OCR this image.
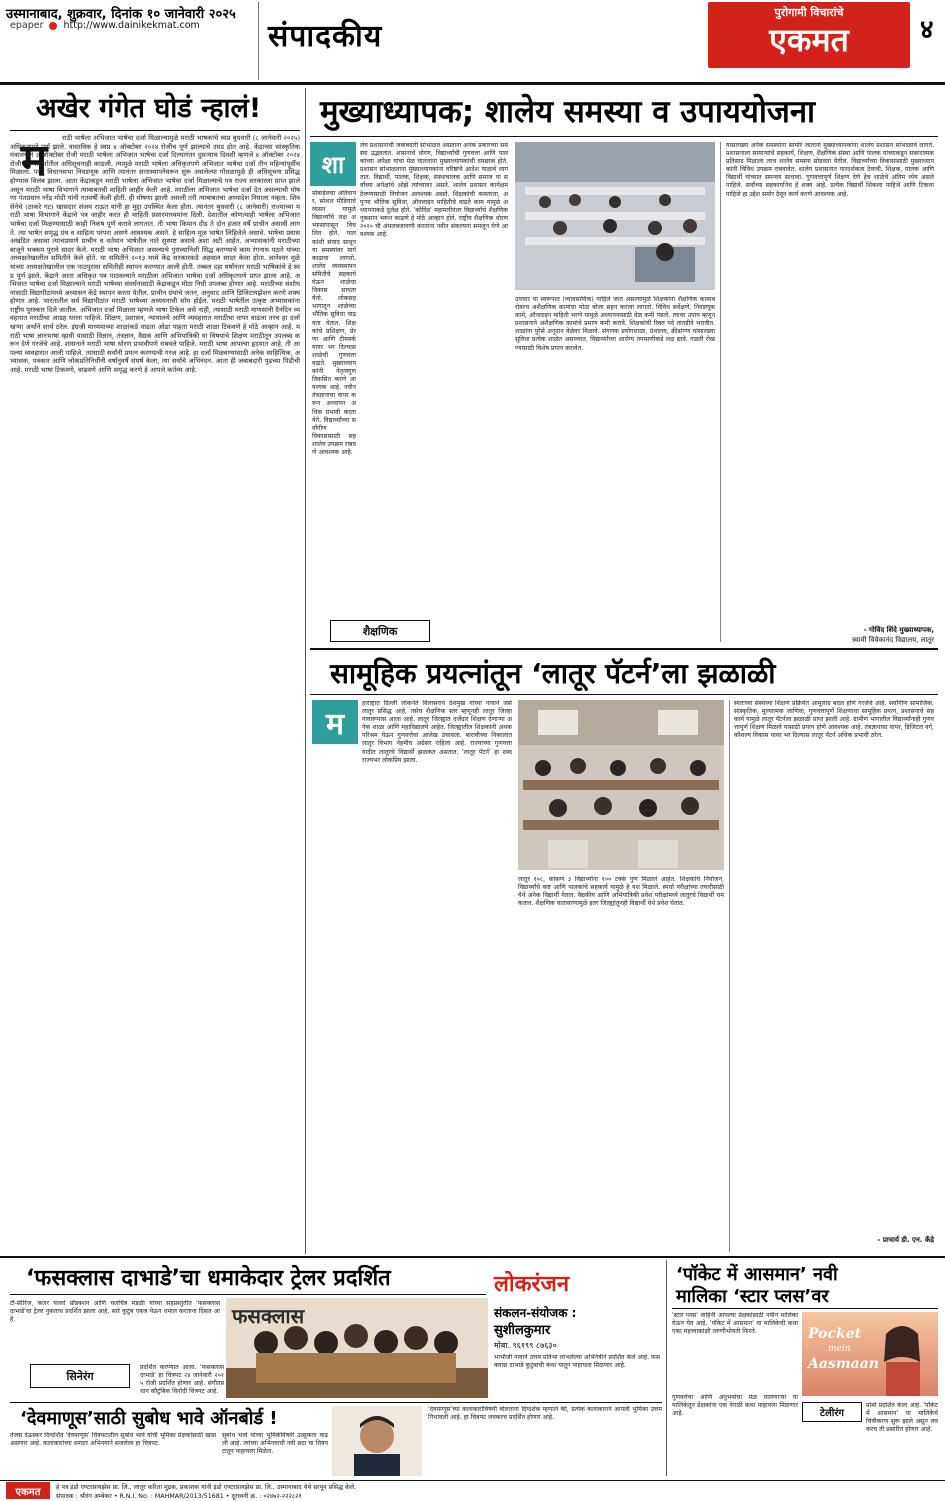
उस्मानाबाद, शुक्रवार, दिनांक १० जानेवारी २०२५
epaper http://www.dainikekmat.com संपादकीय
पुरोगामी विचारांचे
एकमत	४
अखेर गंगेत घोडं न्हालं!
म	राठी भाषेला अभिजात भाषेचा दर्जा मिळाल्यामुळे मराठी भाषकांचे स्वप्न बुधवारी (८ जानेवारी २०२५) अधिकृतपणे पूर्ण झाले. वास्तविक हे स्वप्न ४ ऑक्टोबर २०२४ रोजीच पूर्ण झाल्याचे उघड होत आहे. केंद्राच्या सांस्कृतिक मंत्रालयाने ३ ऑक्टोबर रोजी मराठी भाषेला अभिजात भाषेचा दर्जा दिल्यानंतर दुसऱ्याच दिवशी म्हणजे ४ ऑक्टोबर २०२४ रोजी त्या संदर्भातील अधिसूचनाही काढली. त्यामुळे मराठी भाषेला अधिकृतपणे अभिजात भाषेचा दर्जा तीन महिन्यांपूर्वीच मिळाला. परंतु विधानसभा निवडणूक आणि त्यानंतर सत्तास्थापनेवरून सुरू असलेल्या गोंधळामुळे ही अधिसूचना प्रसिद्ध होण्यास विलंब झाला. आता केंद्राकडून मराठी भाषेला अभिजात भाषेचा दर्जा मिळाल्याचे पत्र राज्य सरकारला प्राप्त झाले असून मराठी भाषा विभागाने त्याबाबतची माहिती जाहीर केली आहे. मराठीला अभिजात भाषेचा दर्जा देत असल्याची घोषणा पंतप्रधान नरेंद्र मोदी यांनी गतवर्षी केली होती. ही घोषणा झाली असली तरी त्याबाबतचा अध्यादेश निघाला नव्हता. शिवसेनेचे (ठाकरे गट) खासदार संजय राऊत यांनी हा मुद्दा उपस्थित केला होता. त्यानंतर बुधवारी (८ जानेवारी) राज्याच्या मराठी भाषा विभागाने केंद्राचे पत्र जाहीर करत ही माहिती प्रसारमाध्यमांना दिली. देशातील कोणत्याही भाषेला अभिजात भाषेचा दर्जा मिळण्यासाठी काही निकष पूर्ण करावे लागतात. ती भाषा किमान दीड ते दोन हजार वर्षे प्राचीन असावी लागते. त्या भाषेत समृद्ध ग्रंथ व साहित्य परंपरा असणे आवश्यक असते. हे साहित्य मूळ भाषेत लिहिलेले असावे. भाषेचा प्रवास अखंडित असावा त्याचप्रमाणे प्राचीन व वर्तमान भाषेतील नाते सुस्पष्ट असावे अशा अटी आहेत. अभ्यासकांनी मराठीच्या बाजूने भक्कम पुरावे सादर केले. मराठी भाषा अभिजात असल्याचे पुराव्यानिशी सिद्ध करण्याचे काम रंगनाथ पठारे यांच्या अध्यक्षतेखालील समितीने केले होते. या समितीने २०१३ मध्ये केंद्र सरकारकडे अहवाल सादर केला होता. ज्ञानेश्वर मुळे यांच्या अध्यक्षतेखालील एक पाठपुरावा समितीही स्थापन करण्यात आली होती. तब्बल दहा वर्षांनंतर मराठी भाषिकांचे हे स्वप्न पूर्ण झाले. केंद्राने आता अधिकृत पत्र पाठवल्याने मराठीला अभिजात भाषेचा दर्जा अधिकृतपणे प्राप्त झाला आहे. अभिजात भाषेचा दर्जा मिळाल्याने मराठी भाषेच्या संवर्धनासाठी केंद्राकडून मोठा निधी उपलब्ध होणार आहे. मराठीच्या संशोधनासाठी विद्यापीठांमध्ये अध्यासन केंद्रे स्थापन करता येतील. प्राचीन ग्रंथांचे जतन, अनुवाद आणि डिजिटायझेशन करणे शक्य होणार आहे. भारतातील सर्व विद्यापीठांत मराठी भाषेच्या अध्ययनाची सोय होईल. मराठी भाषेतील उत्कृष्ट अभ्यासकांना राष्ट्रीय पुरस्कार दिले जातील. अभिजात दर्जा मिळाला म्हणजे भाषा टिकेल असे नाही, त्यासाठी मराठी माणसांनी दैनंदिन व्यवहारात मराठीचा आग्रह धरला पाहिजे. शिक्षण, प्रशासन, न्यायालये आणि व्यवहारात मराठीचा वापर वाढला तरच हा दर्जा खऱ्या अर्थाने सार्थ ठरेल. इंग्रजी माध्यमाच्या शाळांकडे वाढता ओढा पाहता मराठी शाळा टिकवणे हे मोठे आव्हान आहे. मराठी भाषा ज्ञानभाषा व्हावी यासाठी विज्ञान, तंत्रज्ञान, वैद्यक आणि अभियांत्रिकी या विषयांचे शिक्षण मराठीतून उपलब्ध करून देणे गरजेचे आहे. शासनाने मराठी भाषा धोरण प्रभावीपणे राबवले पाहिजे. मराठी भाषा आपल्या हृदयात आहे, ती आपल्या व्यवहारात आली पाहिजे. त्यासाठी सर्वांनी प्रयत्न करण्याची गरज आहे. हा दर्जा मिळवण्यासाठी अनेक साहित्यिक, अभ्यासक, पत्रकार आणि लोकप्रतिनिधींनी वर्षानुवर्षे संघर्ष केला, त्या सर्वांचे अभिनंदन. आता ही जबाबदारी पुढच्या पिढीची आहे. मराठी भाषा टिकवणे, वाढवणे आणि समृद्ध करणे हे आपले कर्तव्य आहे.
मुख्याध्यापक; शालेय समस्या व उपाययोजना
शा
लेय प्रशासनाची जबाबदारी सांभाळत असताना अनेक प्रकारच्या समस्या उद्भवतात. शासनाचे धोरण, विद्यार्थ्यांची गुणवत्ता आणि पालकांच्या अपेक्षा यांचा मेळ घालताना मुख्याध्यापकांची दमछाक होते. प्रशासन सांभाळताना मुख्याध्यापकांना वरिष्ठांचे आदेश पाळावे लागतात. विद्यार्थी, पालक, शिक्षक, संस्थाचालक आणि समाज या सर्वांच्या अपेक्षांचे ओझे त्यांच्यावर असते. शालेय प्रशासन कार्यक्षम ठेवण्यासाठी नियोजन आवश्यक असते. शिक्षकांची कमतरता, अपुऱ्या भौतिक सुविधा, ऑनलाइन माहितीचे वाढते काम यामुळे अध्यापनाकडे दुर्लक्ष होते. 'कोविड' महामारीनंतर विद्यार्थ्यांचे शैक्षणिक नुकसान भरून काढणे हे मोठे आव्हान होते. राष्ट्रीय शैक्षणिक धोरण २०२० ची अंमलबजावणी करताना नवीन संकल्पना समजून घेणे आवश्यक आहे.
मोबाईलचा अतिवापर, सोशल मीडियाचे व्यसन यामुळे विद्यार्थ्यांचे लक्ष अभ्यासापासून विचलित होते. पालकांशी संवाद साधून या समस्यांवर मार्ग काढावा लागतो. शालेय व्यवस्थापन समितीचे सहकार्य घेऊन शाळेचा विकास साधता येतो. लोकसहभागातून शाळेच्या भौतिक सुविधा वाढवता येतात. शिक्षकांचे प्रशिक्षण, प्रेरणा आणि टीमवर्क यावर भर दिल्यास शाळेची गुणवत्ता वाढते. मुख्याध्यापकांनी नेतृत्वगुण विकसित करणे आवश्यक आहे. नवीन तंत्रज्ञानाचा वापर करून अध्यापन अधिक प्रभावी करता येते. विद्यार्थ्यांच्या सर्वांगीण विकासासाठी सहशालेय उपक्रम राबवणे आवश्यक आहे.
उपचार या स्वरूपात (व्यावसायिक) पाहिले जात असल्यामुळे शिक्षकांना शैक्षणिक कामाबरोबरच अशैक्षणिक कामांचा मोठा बोजा सहन करावा लागतो. विविध सर्वेक्षणे, निवडणूक कामे, ऑनलाइन माहिती भरणे यामुळे अध्यापनासाठी वेळ कमी पडतो. त्यावर उपाय म्हणून प्रशासनाने अशैक्षणिक कामांचे प्रमाण कमी करावे. शिक्षकांची रिक्त पदे तातडीने भरावीत. शाळांना पुरेसे अनुदान वेळेवर मिळावे. संगणक प्रयोगशाळा, ग्रंथालय, क्रीडांगण यांसारख्या सुविधा प्रत्येक शाळेत असाव्यात. विद्यार्थ्यांच्या आरोग्य तपासणीकडे लक्ष द्यावे. गळती रोखण्यासाठी विशेष प्रयत्न करावेत.
यासारख्या अनेक समस्यांना सामोरे जाताना मुख्याध्यापकांना शालेय प्रशासन सांभाळावे लागते. प्रशासनाला सामान्यांचे सहकार्य, शिक्षण, शैक्षणिक संस्था आणि पालक यांच्याकडून सकारात्मक प्रतिसाद मिळाला तरच शालेय समस्या सोडवता येतील. विद्यार्थ्यांच्या विकासासाठी मुख्याध्यापकांनी विविध उपक्रम राबवावेत. शालेय प्रशासनात पारदर्शकता ठेवावी. शिक्षक, पालक आणि विद्यार्थी यांच्यात समन्वय साधावा. गुणवत्तापूर्ण शिक्षण देणे हेच शाळेचे अंतिम ध्येय असले पाहिजे. सर्वांच्या सहकार्यानेच हे शक्य आहे. प्रत्येक विद्यार्थी शिकला पाहिजे आणि टिकला पाहिजे हा उद्देश समोर ठेवून कार्य करणे आवश्यक आहे.
- गोविंद शिंदे मुख्याध्यापक,
स्वामी विवेकानंद विद्यालय, लातूर
शैक्षणिक
सामूहिक प्रयत्नांतून ‘लातूर पॅटर्न’ला झळाळी
म
हाराष्ट्रात दिल्ली लोकनेते विलासराव देशमुख यांच्या नावाने जसे लातूर प्रसिद्ध आहे, तसेच शैक्षणिक स्तर म्हणूनही लातूर जिल्हा नावारूपास आला आहे. लातूर जिल्ह्यात दर्जेदार शिक्षण देणाऱ्या अनेक शाळा आणि महाविद्यालये आहेत. जिल्ह्यातील शिक्षकांनी अथक परिश्रम घेऊन गुणवत्तेचा आलेख उंचावला. बारावीच्या निकालात लातूर विभाग नेहमीच अग्रेसर राहिला आहे. राज्याच्या गुणवत्ता यादीत लातूरचे विद्यार्थी झळकत असतात. 'लातूर पॅटर्न' हा शब्द राज्यभर लोकप्रिय झाला.
लातूर १०८, कोकण ३ विद्यार्थ्यांना १०० टक्के गुण मिळाले आहेत. शिक्षकांचे नियोजन, विद्यार्थ्यांचे कष्ट आणि पालकांचे सहकार्य यामुळे हे यश मिळाले. स्पर्धा परीक्षांच्या तयारीसाठी येथे अनेक विद्यार्थी येतात. वैद्यकीय आणि अभियांत्रिकी प्रवेश परीक्षांमध्ये लातूरचे विद्यार्थी चमकतात. शैक्षणिक वातावरणामुळे इतर जिल्ह्यांतूनही विद्यार्थी येथे प्रवेश घेतात.
स्वतःच्या संस्थेच्या शिक्षण प्रक्रियेत आमूलाग्र बदल होणे गरजेचे आहे. सर्वांगीण सामाजिक, सांस्कृतिक, मूल्यात्मक जाणिवा, गुणवत्तापूर्ण शिक्षणाचा सामूहिक प्रयत्न, प्रशासनाचे सहकार्य यामुळे लातूर पॅटर्नला झळाळी प्राप्त झाली आहे. ग्रामीण भागातील विद्यार्थ्यांनाही गुणवत्तापूर्ण शिक्षण मिळावे यासाठी प्रयत्न होणे आवश्यक आहे. तंत्रज्ञानाचा वापर, डिजिटल वर्ग, कौशल्य विकास यावर भर दिल्यास लातूर पॅटर्न अधिक प्रभावी ठरेल.
- प्राचार्य डी. एन. केंद्रे
‘फसक्लास दाभाडे’चा धमाकेदार ट्रेलर प्रदर्शित
टी-सीरिज, कलर यल्लो प्रॉडक्शन आणि चलचित्र मंडळी यांच्या सहप्रस्तुतीत 'फसक्लास दाभाडे'चा ट्रेलर नुकताच प्रदर्शित झाला आहे. सारे कुटुंब एकत्र येऊन धमाल करताना दिसत आहे.	फसक्लास
सिनेरंग
प्रदर्शित करण्यात आला. 'फसक्लास दाभाडे' हा चित्रपट २४ जानेवारी २०२५ रोजी प्रदर्शित होणार आहे. संगीतप्रधान कौटुंबिक विनोदी चित्रपट आहे.
लोकरंजन
संकलन-संयोजक :
सुशीलकुमार
मोबा. ९६१९९ ८७६३०
भाभीजी नावाने उत्तम प्रतिभा लाभलेल्या अभिनेत्रीने प्रदर्शित केले आहे. फसक्लास दाभाडे कुटुंबाची कथा यातून पाहायला मिळणार आहे.
‘देवमाणूस’साठी सुबोध भावे ऑनबोर्ड !
तेजस देऊस्कर दिग्दर्शित 'देवमाणूस' चित्रपटातील सुबोध भावे यांची भूमिका प्रेक्षकांसाठी खास असणार आहे. कलाकारांच्या दमदार अभिनयाने सजलेला हा चित्रपट.
सुबोध भावे यांच्या भूमिकेविषयी उत्सुकता वाढली आहे. त्यांच्या अभिनयाची नवी छटा या चित्रपटातून पाहायला मिळेल.
'देवमाणूस'च्या कलाकारांविषयी बोलताना दिग्दर्शक म्हणाले की, प्रत्येक कलाकाराने आपली भूमिका उत्तम निभावली आहे. हा चित्रपट लवकरच प्रदर्शित होणार आहे.
‘पॉकेट में आसमान’ नवी
मालिका ‘स्टार प्लस’वर
'स्टार प्लस' वाहिनी आपल्या प्रेक्षकांसाठी नवीन मालिका घेऊन येत आहे. 'पॉकेट में आसमान' या मालिकेची कथा एका महत्त्वाकांक्षी तरुणीभोवती फिरते.	Pocket
mein
Aasmaan
टेलीरंग
गुणवत्तेचा आणि अनुभवांचा मेळ घालणाऱ्या या मालिकेतून प्रेक्षकांना एक वेगळी कथा पाहायला मिळणार आहे.
प्रोमो प्रदर्शित केला आहे. 'पॉकेट में आसमान' या मालिकेचे चित्रीकरण सुरू झाले असून लवकरच ती प्रसारित होणार आहे.
एकमत हे पत्र इंडो एण्टरप्रायझेस प्रा. लि., लातूर करिता मुद्रक, प्रकाशक यांनी इंडो एण्टरप्रायझेस प्रा. लि., उस्मानाबाद येथे छापून प्रसिद्ध केले.
संपादक : श्रीरंग अम्बेकर • R.N.I. No. : MAHMAR/2013/51681 • दूरध्वनी क्र. : ०२४७२-२२२८२१
